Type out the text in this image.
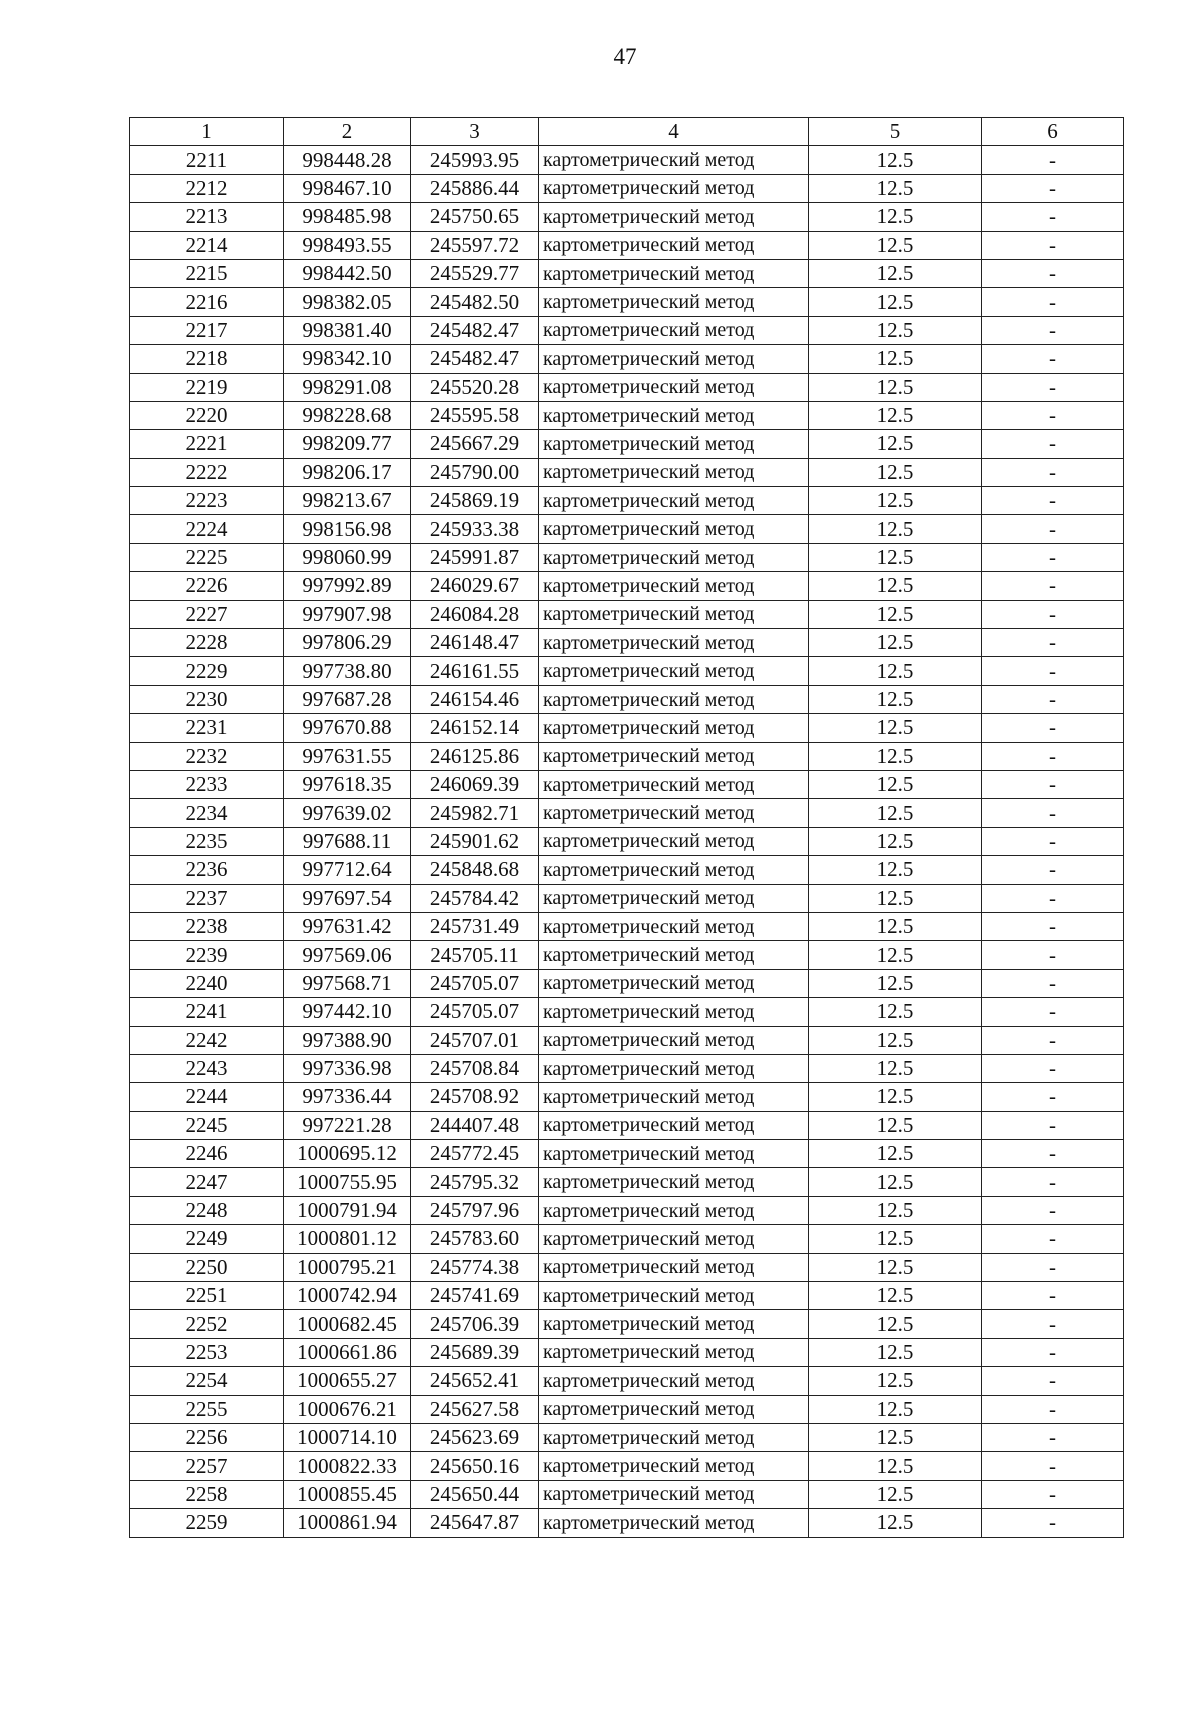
47
1	2	3	4	5	6
2211	998448.28	245993.95	картометрический метод	12.5	-
2212	998467.10	245886.44	картометрический метод	12.5	-
2213	998485.98	245750.65	картометрический метод	12.5	-
2214	998493.55	245597.72	картометрический метод	12.5	-
2215	998442.50	245529.77	картометрический метод	12.5	-
2216	998382.05	245482.50	картометрический метод	12.5	-
2217	998381.40	245482.47	картометрический метод	12.5	-
2218	998342.10	245482.47	картометрический метод	12.5	-
2219	998291.08	245520.28	картометрический метод	12.5	-
2220	998228.68	245595.58	картометрический метод	12.5	-
2221	998209.77	245667.29	картометрический метод	12.5	-
2222	998206.17	245790.00	картометрический метод	12.5	-
2223	998213.67	245869.19	картометрический метод	12.5	-
2224	998156.98	245933.38	картометрический метод	12.5	-
2225	998060.99	245991.87	картометрический метод	12.5	-
2226	997992.89	246029.67	картометрический метод	12.5	-
2227	997907.98	246084.28	картометрический метод	12.5	-
2228	997806.29	246148.47	картометрический метод	12.5	-
2229	997738.80	246161.55	картометрический метод	12.5	-
2230	997687.28	246154.46	картометрический метод	12.5	-
2231	997670.88	246152.14	картометрический метод	12.5	-
2232	997631.55	246125.86	картометрический метод	12.5	-
2233	997618.35	246069.39	картометрический метод	12.5	-
2234	997639.02	245982.71	картометрический метод	12.5	-
2235	997688.11	245901.62	картометрический метод	12.5	-
2236	997712.64	245848.68	картометрический метод	12.5	-
2237	997697.54	245784.42	картометрический метод	12.5	-
2238	997631.42	245731.49	картометрический метод	12.5	-
2239	997569.06	245705.11	картометрический метод	12.5	-
2240	997568.71	245705.07	картометрический метод	12.5	-
2241	997442.10	245705.07	картометрический метод	12.5	-
2242	997388.90	245707.01	картометрический метод	12.5	-
2243	997336.98	245708.84	картометрический метод	12.5	-
2244	997336.44	245708.92	картометрический метод	12.5	-
2245	997221.28	244407.48	картометрический метод	12.5	-
2246	1000695.12	245772.45	картометрический метод	12.5	-
2247	1000755.95	245795.32	картометрический метод	12.5	-
2248	1000791.94	245797.96	картометрический метод	12.5	-
2249	1000801.12	245783.60	картометрический метод	12.5	-
2250	1000795.21	245774.38	картометрический метод	12.5	-
2251	1000742.94	245741.69	картометрический метод	12.5	-
2252	1000682.45	245706.39	картометрический метод	12.5	-
2253	1000661.86	245689.39	картометрический метод	12.5	-
2254	1000655.27	245652.41	картометрический метод	12.5	-
2255	1000676.21	245627.58	картометрический метод	12.5	-
2256	1000714.10	245623.69	картометрический метод	12.5	-
2257	1000822.33	245650.16	картометрический метод	12.5	-
2258	1000855.45	245650.44	картометрический метод	12.5	-
2259	1000861.94	245647.87	картометрический метод	12.5	-
